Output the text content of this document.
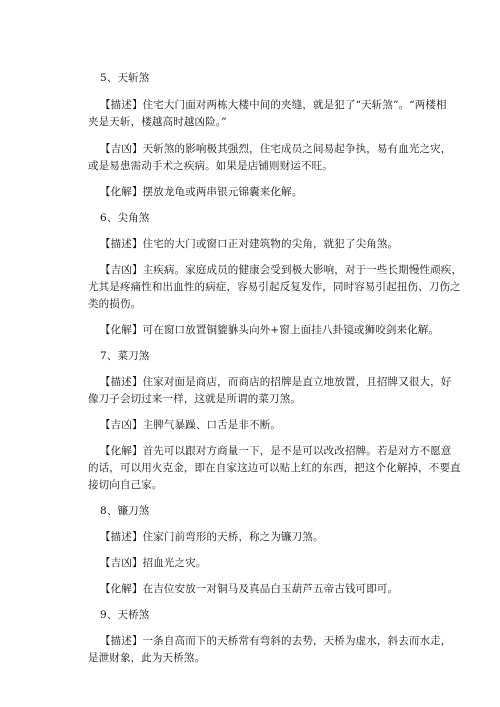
5、天斩煞
【描述】住宅大门面对两栋大楼中间的夹缝，就是犯了“天斩煞”。“两楼相
夹是天斩，楼越高时越凶险。”
【吉凶】天斩煞的影响极其强烈，住宅成员之间易起争执，易有血光之灾，
或是易患需动手术之疾病。如果是店铺则财运不旺。
【化解】摆放龙龟或两串银元锦囊来化解。
6、尖角煞
【描述】住宅的大门或窗口正对建筑物的尖角，就犯了尖角煞。
【吉凶】主疾病。家庭成员的健康会受到极大影响，对于一些长期慢性顽疾，
尤其是疼痛性和出血性的病症，容易引起反复发作，同时容易引起扭伤、刀伤之
类的损伤。
【化解】可在窗口放置铜貔貅头向外+窗上面挂八卦镜或狮咬剑来化解。
7、菜刀煞
【描述】住家对面是商店，而商店的招牌是直立地放置，且招牌又很大，好
像刀子会切过来一样，这就是所谓的菜刀煞。
【吉凶】主脾气暴躁、口舌是非不断。
【化解】首先可以跟对方商量一下，是不是可以改改招牌。若是对方不愿意
的话，可以用火克金，即在自家这边可以贴上红的东西，把这个化解掉，不要直
接切向自己家。
8、镰刀煞
【描述】住家门前弯形的天桥，称之为镰刀煞。
【吉凶】招血光之灾。
【化解】在吉位安放一对铜马及真品白玉葫芦五帝古钱可即可。
9、天桥煞
【描述】一条自高而下的天桥常有弯斜的去势，天桥为虚水，斜去而水走，
是泄财象，此为天桥煞。
